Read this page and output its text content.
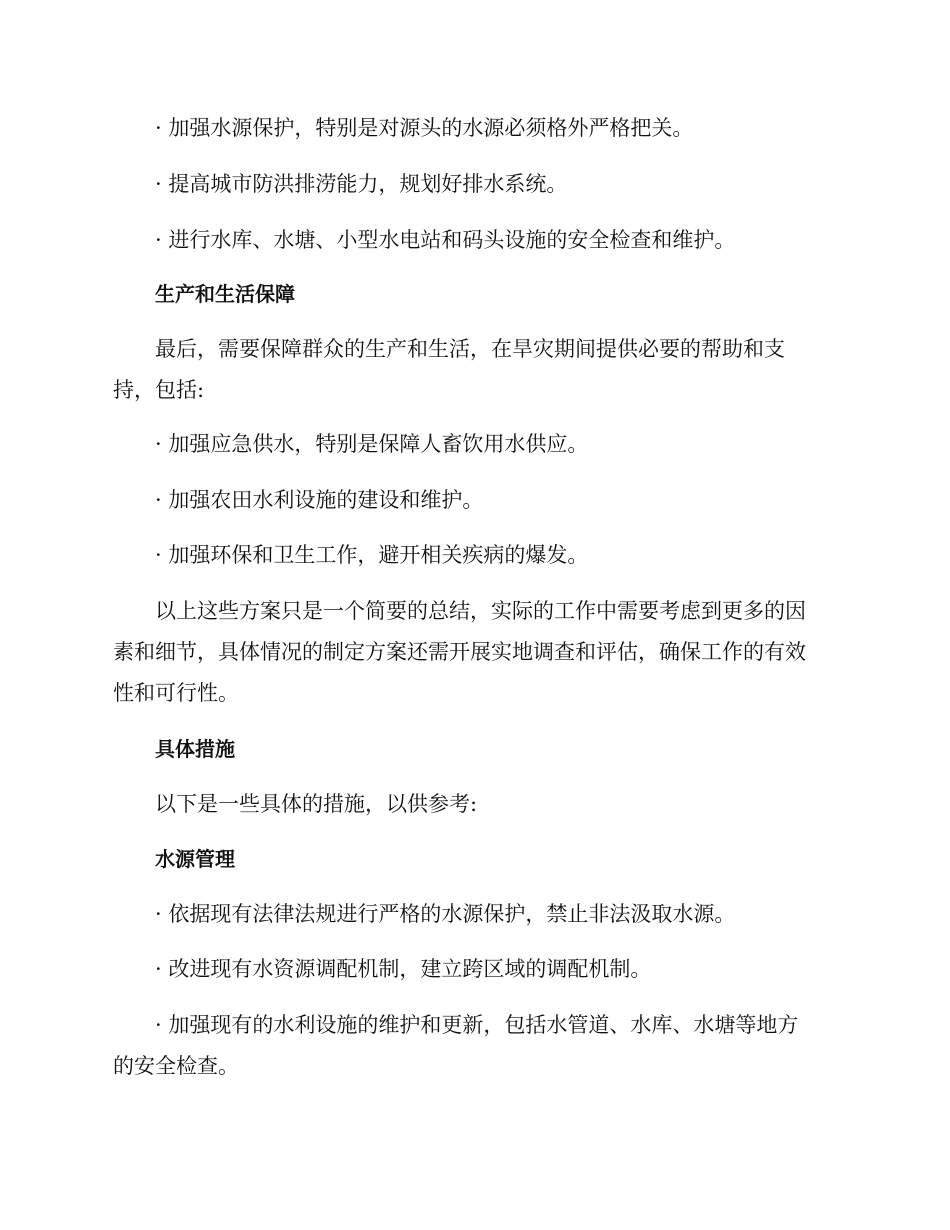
· 加强水源保护，特别是对源头的水源必须格外严格把关。
· 提高城市防洪排涝能力，规划好排水系统。
· 进行水库、水塘、小型水电站和码头设施的安全检查和维护。
生产和生活保障
最后，需要保障群众的生产和生活，在旱灾期间提供必要的帮助和支
持，包括:
· 加强应急供水，特别是保障人畜饮用水供应。
· 加强农田水利设施的建设和维护。
· 加强环保和卫生工作，避开相关疾病的爆发。
以上这些方案只是一个简要的总结，实际的工作中需要考虑到更多的因
素和细节，具体情况的制定方案还需开展实地调查和评估，确保工作的有效
性和可行性。
具体措施
以下是一些具体的措施，以供参考:
水源管理
· 依据现有法律法规进行严格的水源保护，禁止非法汲取水源。
· 改进现有水资源调配机制，建立跨区域的调配机制。
· 加强现有的水利设施的维护和更新，包括水管道、水库、水塘等地方
的安全检查。
